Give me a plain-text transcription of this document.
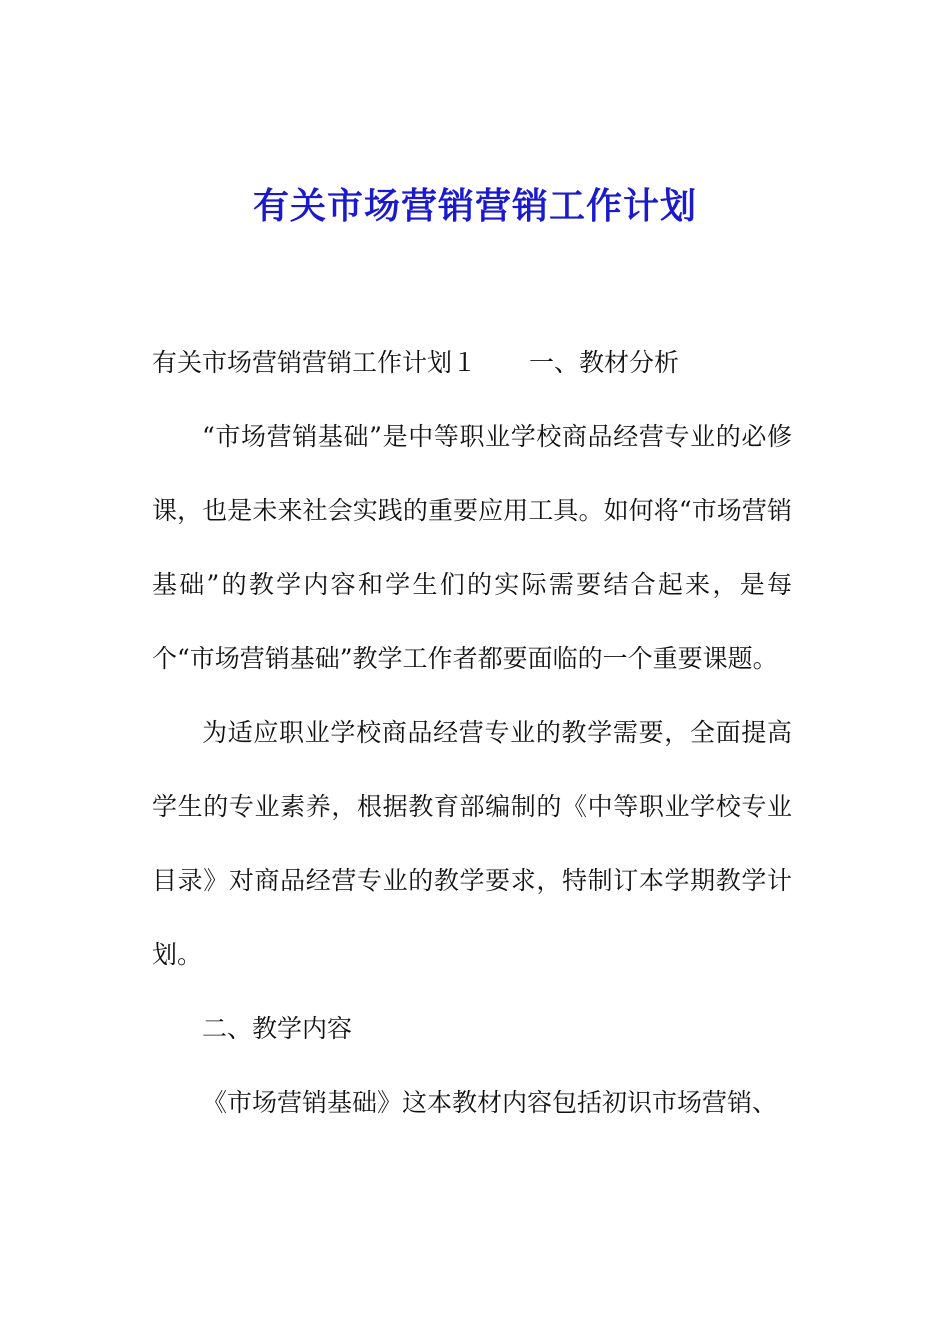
有关市场营销营销工作计划

有关市场营销营销工作计划１ 一、教材分析

“市场营销基础”是中等职业学校商品经营专业的必修课，也是未来社会实践的重要应用工具。如何将“市场营销基础”的教学内容和学生们的实际需要结合起来，是每个“市场营销基础”教学工作者都要面临的一个重要课题。

为适应职业学校商品经营专业的教学需要，全面提高学生的专业素养，根据教育部编制的《中等职业学校专业目录》对商品经营专业的教学要求，特制订本学期教学计划。

二、教学内容

《市场营销基础》这本教材内容包括初识市场营销、
